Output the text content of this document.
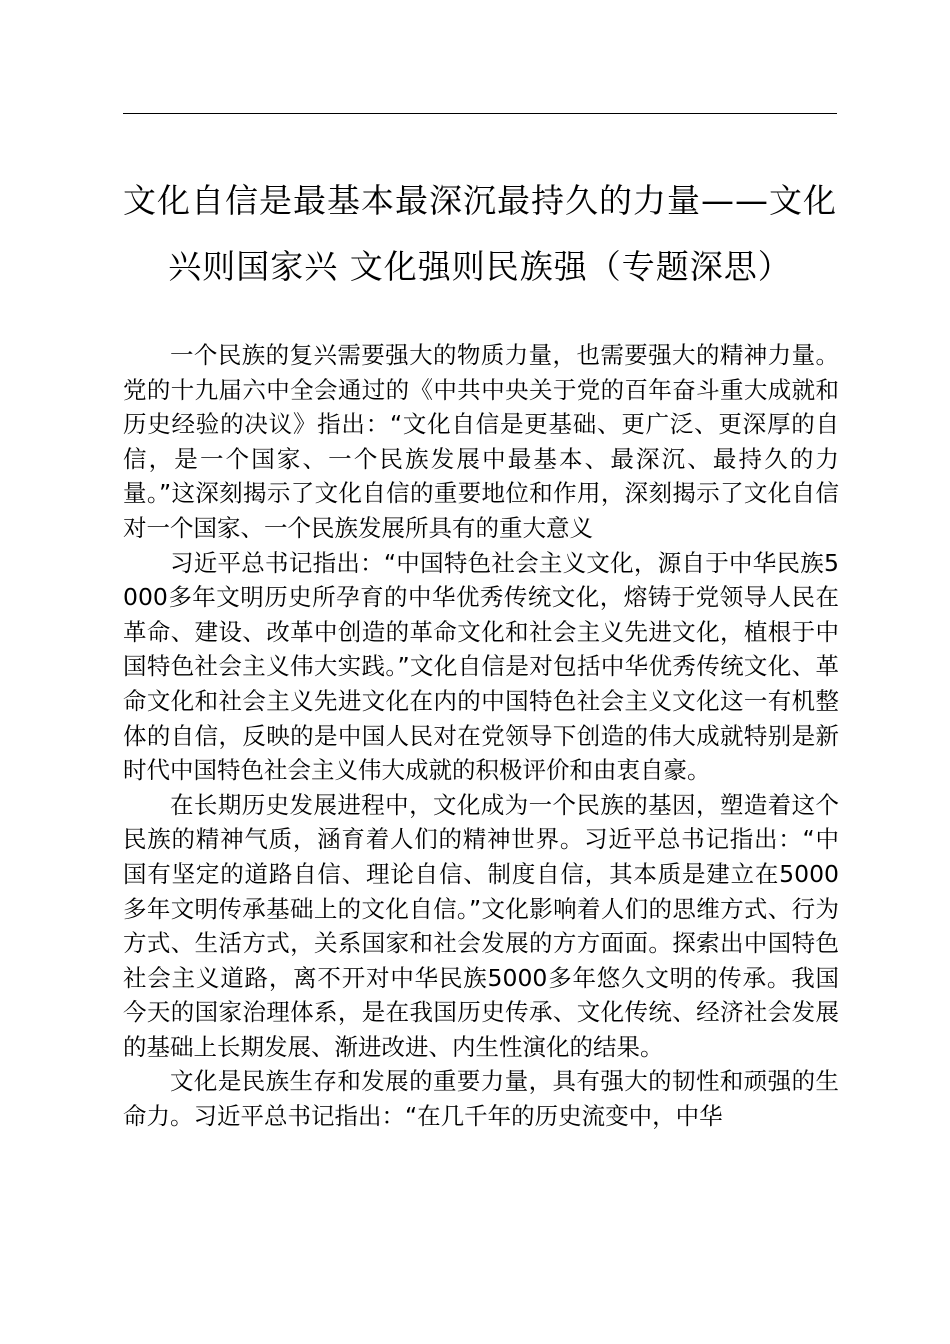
文化自信是最基本最深沉最持久的力量——文化兴则国家兴 文化强则民族强（专题深思）

一个民族的复兴需要强大的物质力量，也需要强大的精神力量。党的十九届六中全会通过的《中共中央关于党的百年奋斗重大成就和历史经验的决议》指出：“文化自信是更基础、更广泛、更深厚的自信，是一个国家、一个民族发展中最基本、最深沉、最持久的力量。”这深刻揭示了文化自信的重要地位和作用，深刻揭示了文化自信对一个国家、一个民族发展所具有的重大意义

习近平总书记指出：“中国特色社会主义文化，源自于中华民族5000多年文明历史所孕育的中华优秀传统文化，熔铸于党领导人民在革命、建设、改革中创造的革命文化和社会主义先进文化，植根于中国特色社会主义伟大实践。”文化自信是对包括中华优秀传统文化、革命文化和社会主义先进文化在内的中国特色社会主义文化这一有机整体的自信，反映的是中国人民对在党领导下创造的伟大成就特别是新时代中国特色社会主义伟大成就的积极评价和由衷自豪。

在长期历史发展进程中，文化成为一个民族的基因，塑造着这个民族的精神气质，涵育着人们的精神世界。习近平总书记指出：“中国有坚定的道路自信、理论自信、制度自信，其本质是建立在5000多年文明传承基础上的文化自信。”文化影响着人们的思维方式、行为方式、生活方式，关系国家和社会发展的方方面面。探索出中国特色社会主义道路，离不开对中华民族5000多年悠久文明的传承。我国今天的国家治理体系，是在我国历史传承、文化传统、经济社会发展的基础上长期发展、渐进改进、内生性演化的结果。

文化是民族生存和发展的重要力量，具有强大的韧性和顽强的生命力。习近平总书记指出：“在几千年的历史流变中，中华
